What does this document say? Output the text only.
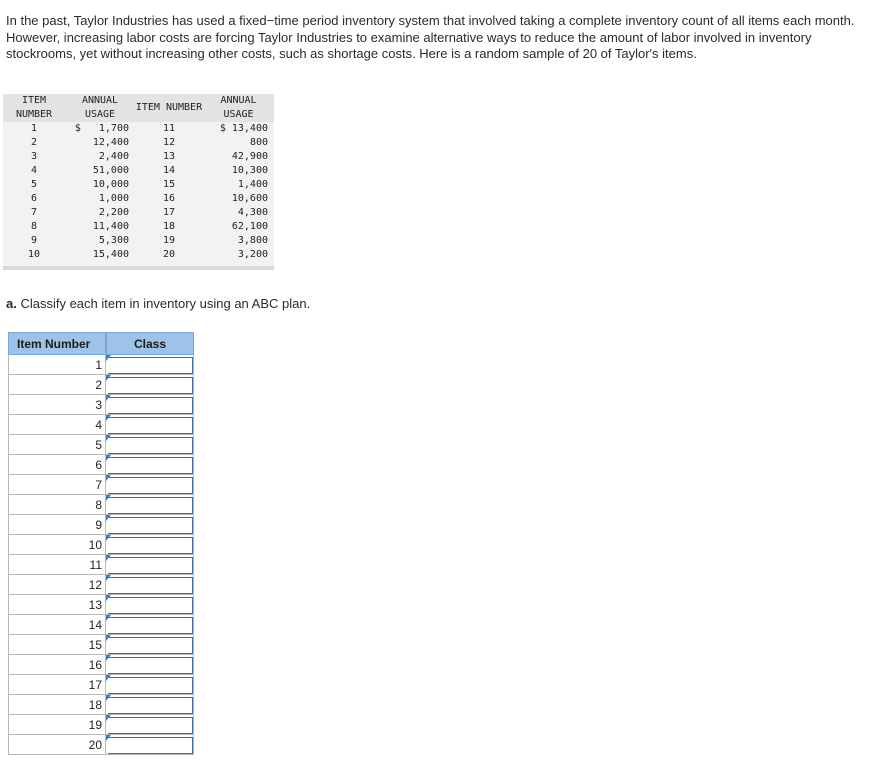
In the past, Taylor Industries has used a fixed−time period inventory system that involved taking a complete inventory count of all items each month. However, increasing labor costs are forcing Taylor Industries to examine alternative ways to reduce the amount of labor involved in inventory stockrooms, yet without increasing other costs, such as shortage costs. Here is a random sample of 20 of Taylor's items.

ITEM NUMBER	ANNUAL USAGE	ITEM NUMBER	ANNUAL USAGE
1	$   1,700	11	$ 13,400
2	12,400	12	800
3	2,400	13	42,900
4	51,000	14	10,300
5	10,000	15	1,400
6	1,000	16	10,600
7	2,200	17	4,300
8	11,400	18	62,100
9	5,300	19	3,800
10	15,400	20	3,200

a. Classify each item in inventory using an ABC plan.

Item Number	Class
1	

2	

3	

4	

5	

6	

7	

8	

9	

10	

11	

12	

13	

14	

15	

16	

17	

18	

19	

20	
